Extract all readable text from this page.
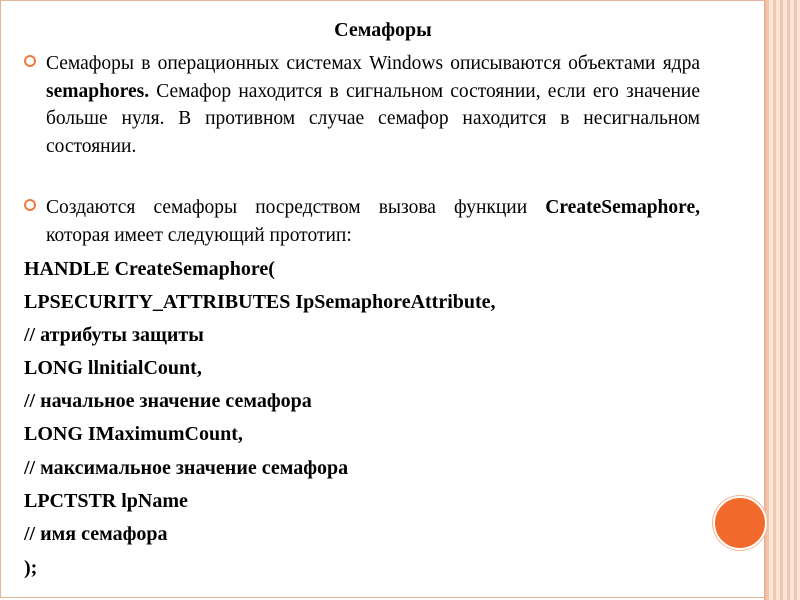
Семафоры
Семафоры в операционных системах Windows описываются объектами ядра semaphores. Семафор находится в сигнальном состоянии, если его значение больше нуля. В противном случае семафор находится в несигнальном состоянии.
Создаются семафоры посредством вызова функции CreateSemaphore, которая имеет следующий прототип:
HANDLE CreateSemaphore(
LPSECURITY_ATTRIBUTES IpSemaphoreAttribute,
// атрибуты защиты
LONG llnitialCount,
// начальное значение семафора
LONG IMaximumCount,
// максимальное значение семафора
LPCTSTR lpName
// имя семафора
);
